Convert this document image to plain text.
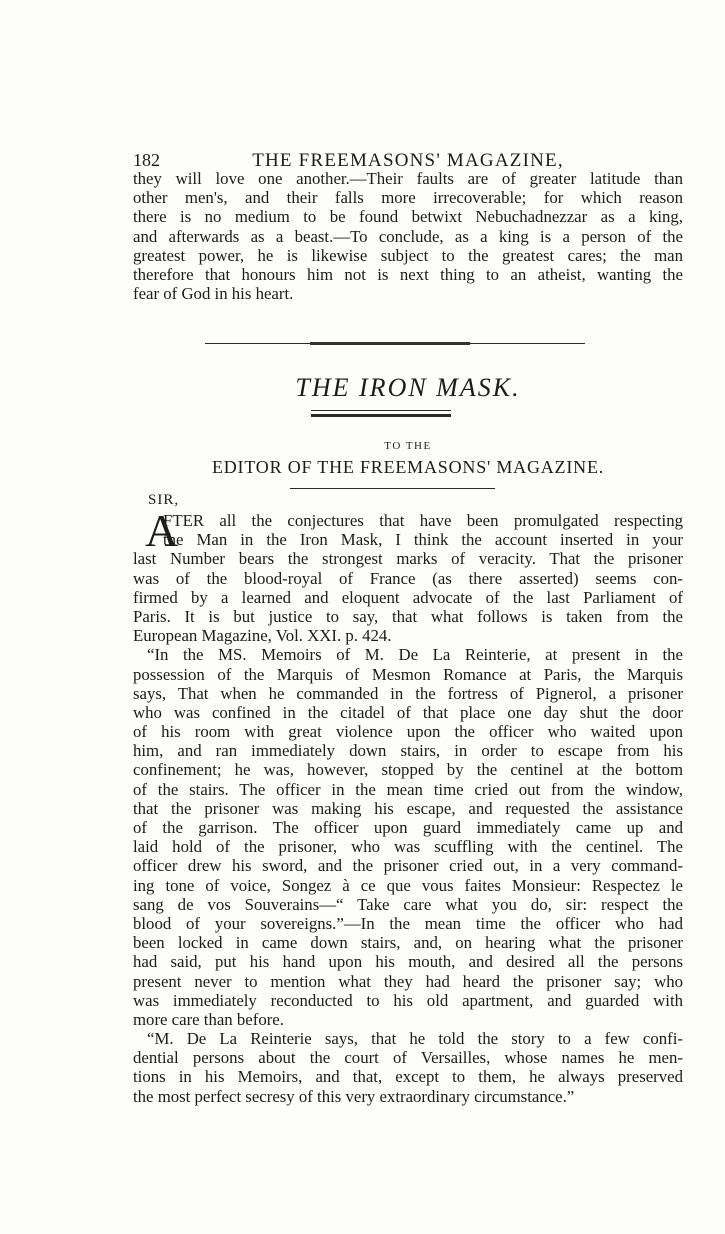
182	THE FREEMASONS' MAGAZINE,
they will love one another.—Their faults are of greater latitude than
other men's, and their falls more irrecoverable; for which reason
there is no medium to be found betwixt Nebuchadnezzar as a king,
and afterwards as a beast.—To conclude, as a king is a person of the
greatest power, he is likewise subject to the greatest cares; the man
therefore that honours him not is next thing to an atheist, wanting the
fear of God in his heart.
THE IRON MASK.
TO THE
EDITOR OF THE FREEMASONS' MAGAZINE.
SIR,
A
FTER all the conjectures that have been promulgated respecting
the Man in the Iron Mask, I think the account inserted in your
last Number bears the strongest marks of veracity. That the prisoner
was of the blood-royal of France (as there asserted) seems con-
firmed by a learned and eloquent advocate of the last Parliament of
Paris. It is but justice to say, that what follows is taken from the
European Magazine, Vol. XXI. p. 424.
“In the MS. Memoirs of M. De La Reinterie, at present in the
possession of the Marquis of Mesmon Romance at Paris, the Marquis
says, That when he commanded in the fortress of Pignerol, a prisoner
who was confined in the citadel of that place one day shut the door
of his room with great violence upon the officer who waited upon
him, and ran immediately down stairs, in order to escape from his
confinement; he was, however, stopped by the centinel at the bottom
of the stairs. The officer in the mean time cried out from the window,
that the prisoner was making his escape, and requested the assistance
of the garrison. The officer upon guard immediately came up and
laid hold of the prisoner, who was scuffling with the centinel. The
officer drew his sword, and the prisoner cried out, in a very command-
ing tone of voice, Songez à ce que vous faites Monsieur: Respectez le
sang de vos Souverains—“ Take care what you do, sir: respect the
blood of your sovereigns.”—In the mean time the officer who had
been locked in came down stairs, and, on hearing what the prisoner
had said, put his hand upon his mouth, and desired all the persons
present never to mention what they had heard the prisoner say; who
was immediately reconducted to his old apartment, and guarded with
more care than before.
“M. De La Reinterie says, that he told the story to a few confi-
dential persons about the court of Versailles, whose names he men-
tions in his Memoirs, and that, except to them, he always preserved
the most perfect secresy of this very extraordinary circumstance.”
